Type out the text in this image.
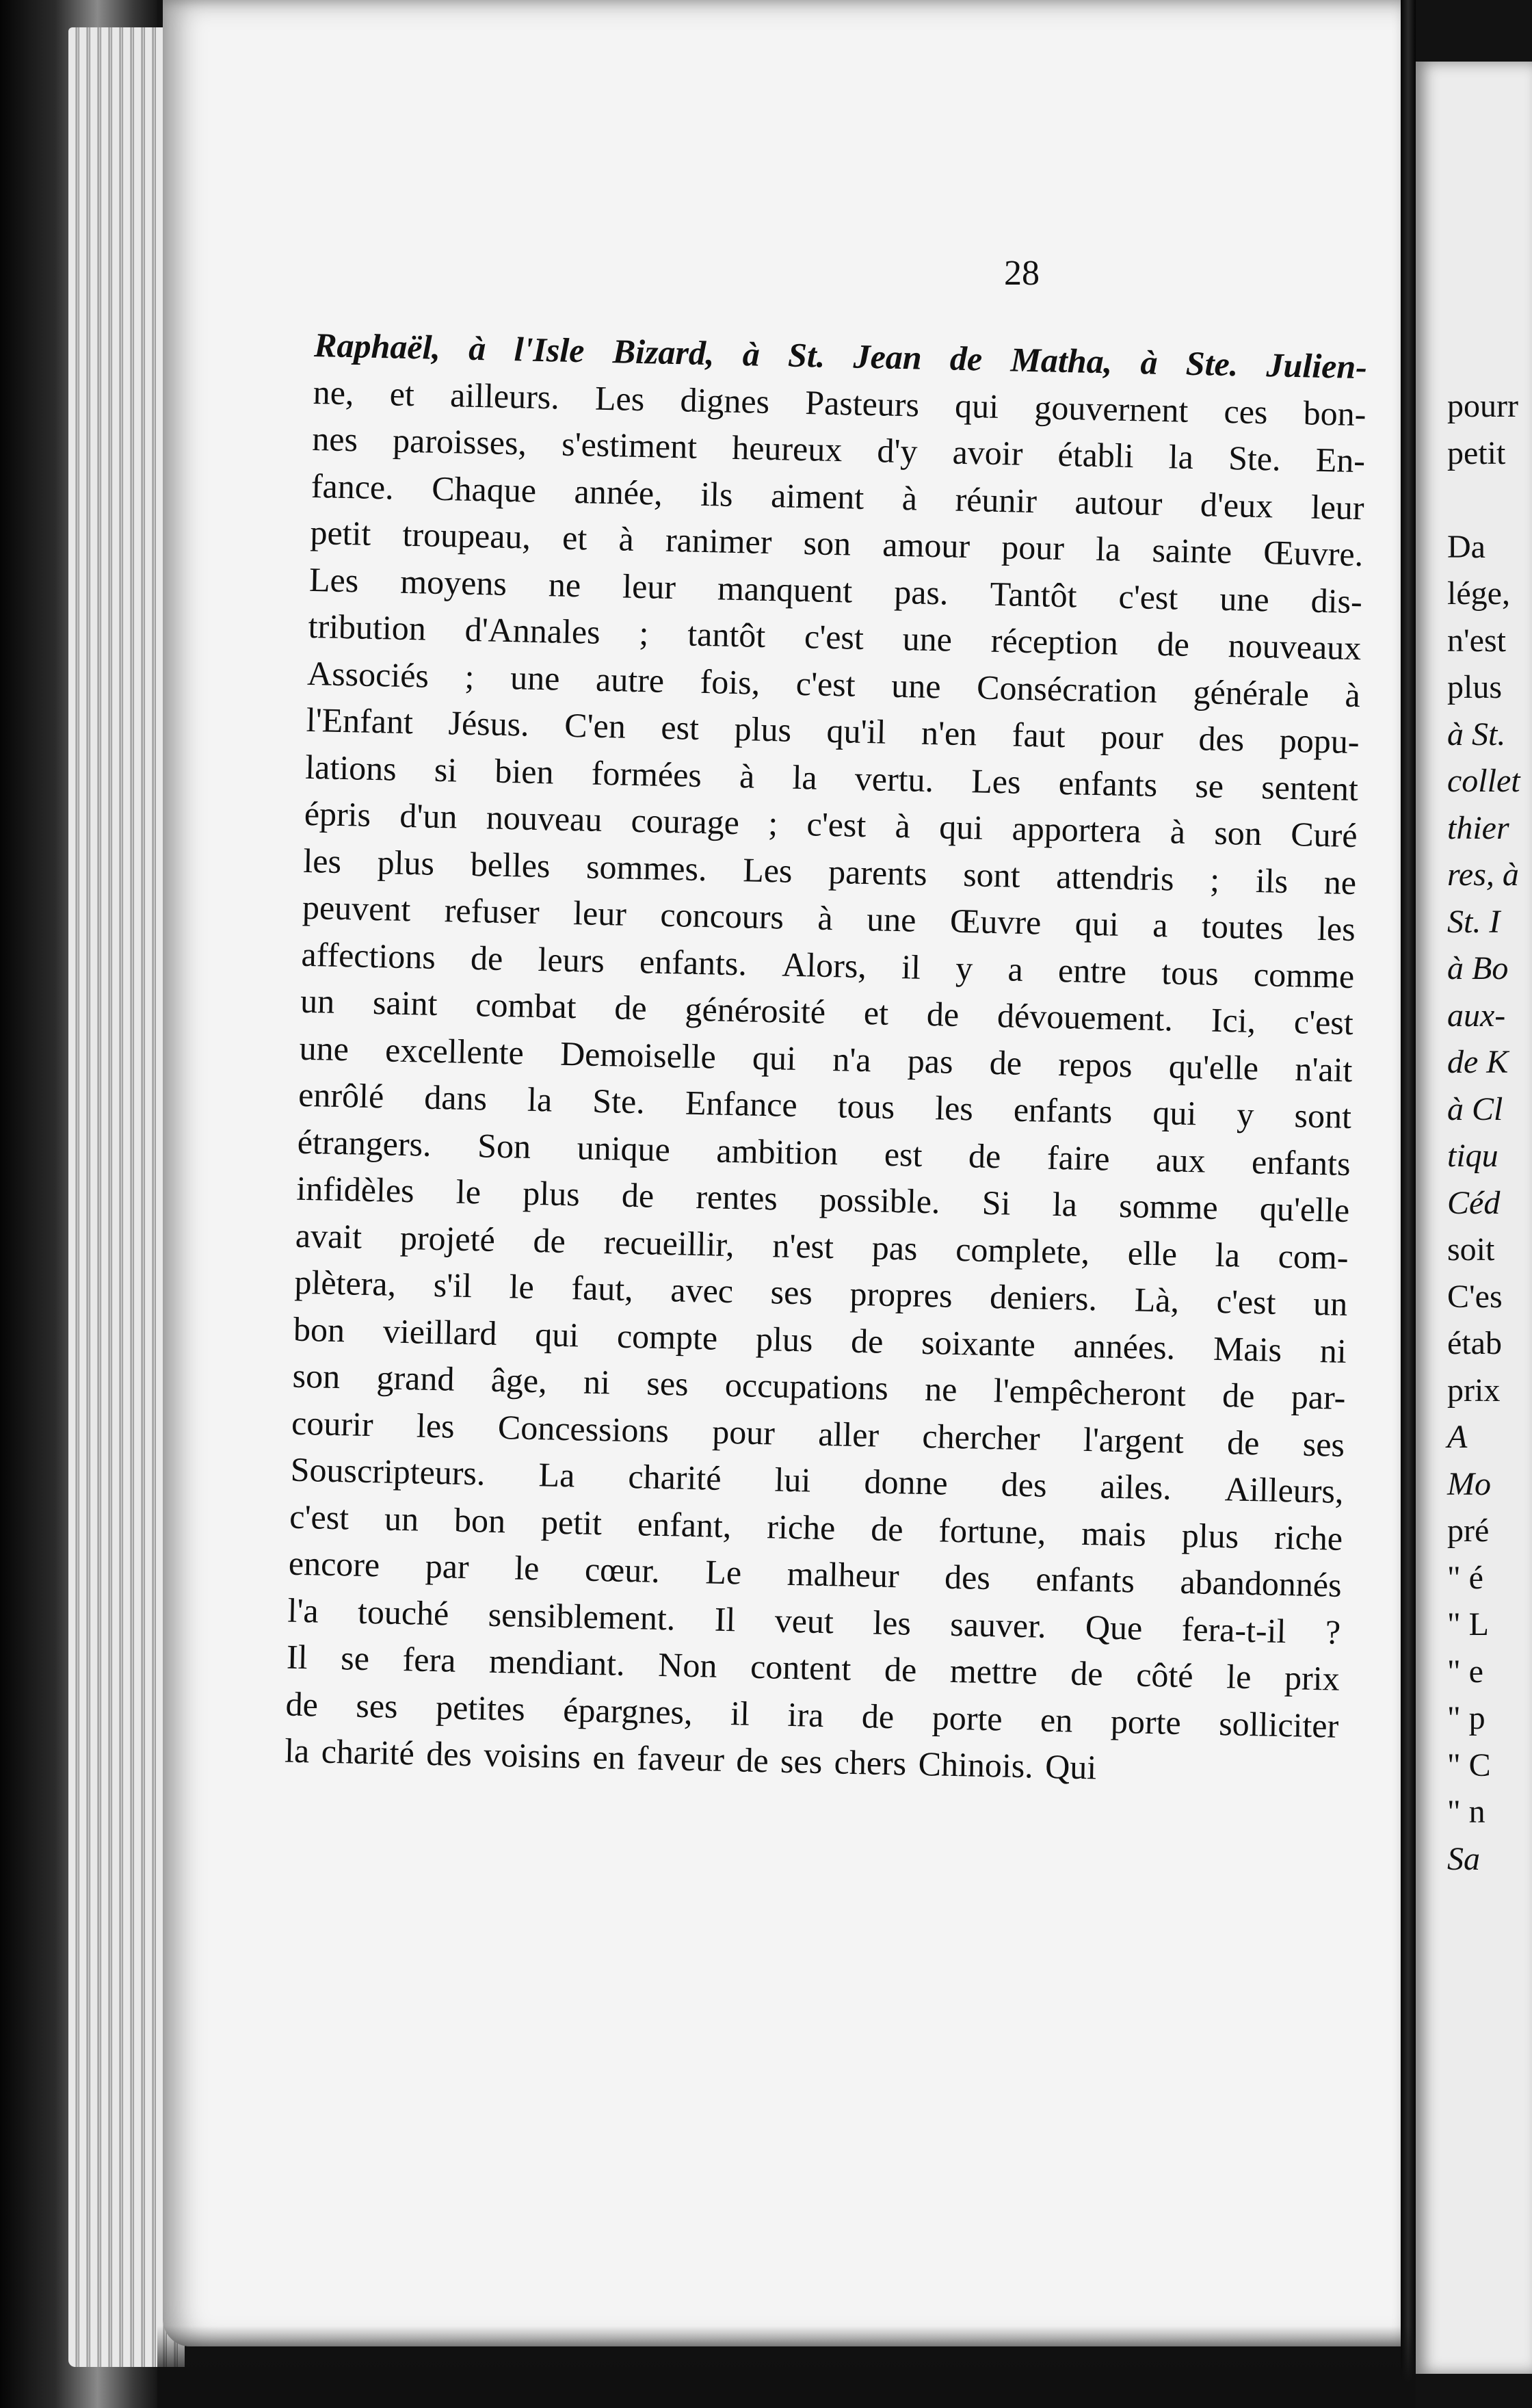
28
Raphaël, à l'Isle Bizard, à St. Jean de Matha, à Ste. Julien-
ne, et ailleurs. Les dignes Pasteurs qui gouvernent ces bon-
nes paroisses, s'estiment heureux d'y avoir établi la Ste. En-
fance. Chaque année, ils aiment à réunir autour d'eux leur
petit troupeau, et à ranimer son amour pour la sainte Œuvre.
Les moyens ne leur manquent pas. Tantôt c'est une dis-
tribution d'Annales ; tantôt c'est une réception de nouveaux
Associés ; une autre fois, c'est une Consécration générale à
l'Enfant Jésus. C'en est plus qu'il n'en faut pour des popu-
lations si bien formées à la vertu. Les enfants se sentent
épris d'un nouveau courage ; c'est à qui apportera à son Curé
les plus belles sommes. Les parents sont attendris ; ils ne
peuvent refuser leur concours à une Œuvre qui a toutes les
affections de leurs enfants. Alors, il y a entre tous comme
un saint combat de générosité et de dévouement. Ici, c'est
une excellente Demoiselle qui n'a pas de repos qu'elle n'ait
enrôlé dans la Ste. Enfance tous les enfants qui y sont
étrangers. Son unique ambition est de faire aux enfants
infidèles le plus de rentes possible. Si la somme qu'elle
avait projeté de recueillir, n'est pas complete, elle la com-
plètera, s'il le faut, avec ses propres deniers. Là, c'est un
bon vieillard qui compte plus de soixante années. Mais ni
son grand âge, ni ses occupations ne l'empêcheront de par-
courir les Concessions pour aller chercher l'argent de ses
Souscripteurs. La charité lui donne des ailes. Ailleurs,
c'est un bon petit enfant, riche de fortune, mais plus riche
encore par le cœur. Le malheur des enfants abandonnés
l'a touché sensiblement. Il veut les sauver. Que fera-t-il ?
Il se fera mendiant. Non content de mettre de côté le prix
de ses petites épargnes, il ira de porte en porte solliciter
la charité des voisins en faveur de ses chers Chinois. Qui
pourr
petit
Da
lége,
n'est
plus
à St.
collet
thier
res, à
St. I
à Bo
aux-
de K
à Cl
tiqu
Céd
soit
C'es
étab
prix
A
Mo
pré
" é
" L
" e
" p
" C
" n
Sa
